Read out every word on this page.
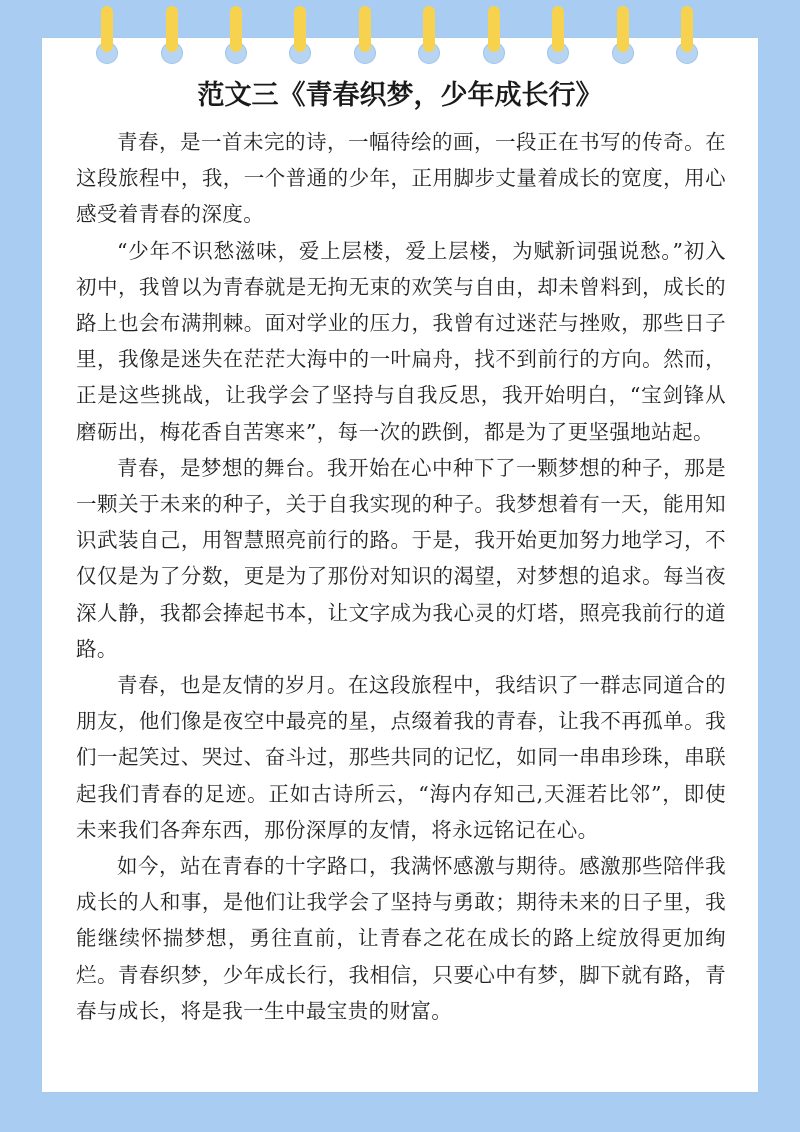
范文三《青春织梦，少年成长行》

青春，是一首未完的诗，一幅待绘的画，一段正在书写的传奇。在这段旅程中，我，一个普通的少年，正用脚步丈量着成长的宽度，用心感受着青春的深度。

“少年不识愁滋味，爱上层楼，爱上层楼，为赋新词强说愁。”初入初中，我曾以为青春就是无拘无束的欢笑与自由，却未曾料到，成长的路上也会布满荆棘。面对学业的压力，我曾有过迷茫与挫败，那些日子里，我像是迷失在茫茫大海中的一叶扁舟，找不到前行的方向。然而，正是这些挑战，让我学会了坚持与自我反思，我开始明白，“宝剑锋从磨砺出，梅花香自苦寒来”，每一次的跌倒，都是为了更坚强地站起。

青春，是梦想的舞台。我开始在心中种下了一颗梦想的种子，那是一颗关于未来的种子，关于自我实现的种子。我梦想着有一天，能用知识武装自己，用智慧照亮前行的路。于是，我开始更加努力地学习，不仅仅是为了分数，更是为了那份对知识的渴望，对梦想的追求。每当夜深人静，我都会捧起书本，让文字成为我心灵的灯塔，照亮我前行的道路。

青春，也是友情的岁月。在这段旅程中，我结识了一群志同道合的朋友，他们像是夜空中最亮的星，点缀着我的青春，让我不再孤单。我们一起笑过、哭过、奋斗过，那些共同的记忆，如同一串串珍珠，串联起我们青春的足迹。正如古诗所云，“海内存知己,天涯若比邻”，即使未来我们各奔东西，那份深厚的友情，将永远铭记在心。

如今，站在青春的十字路口，我满怀感激与期待。感激那些陪伴我成长的人和事，是他们让我学会了坚持与勇敢；期待未来的日子里，我能继续怀揣梦想，勇往直前，让青春之花在成长的路上绽放得更加绚烂。青春织梦，少年成长行，我相信，只要心中有梦，脚下就有路，青春与成长，将是我一生中最宝贵的财富。
